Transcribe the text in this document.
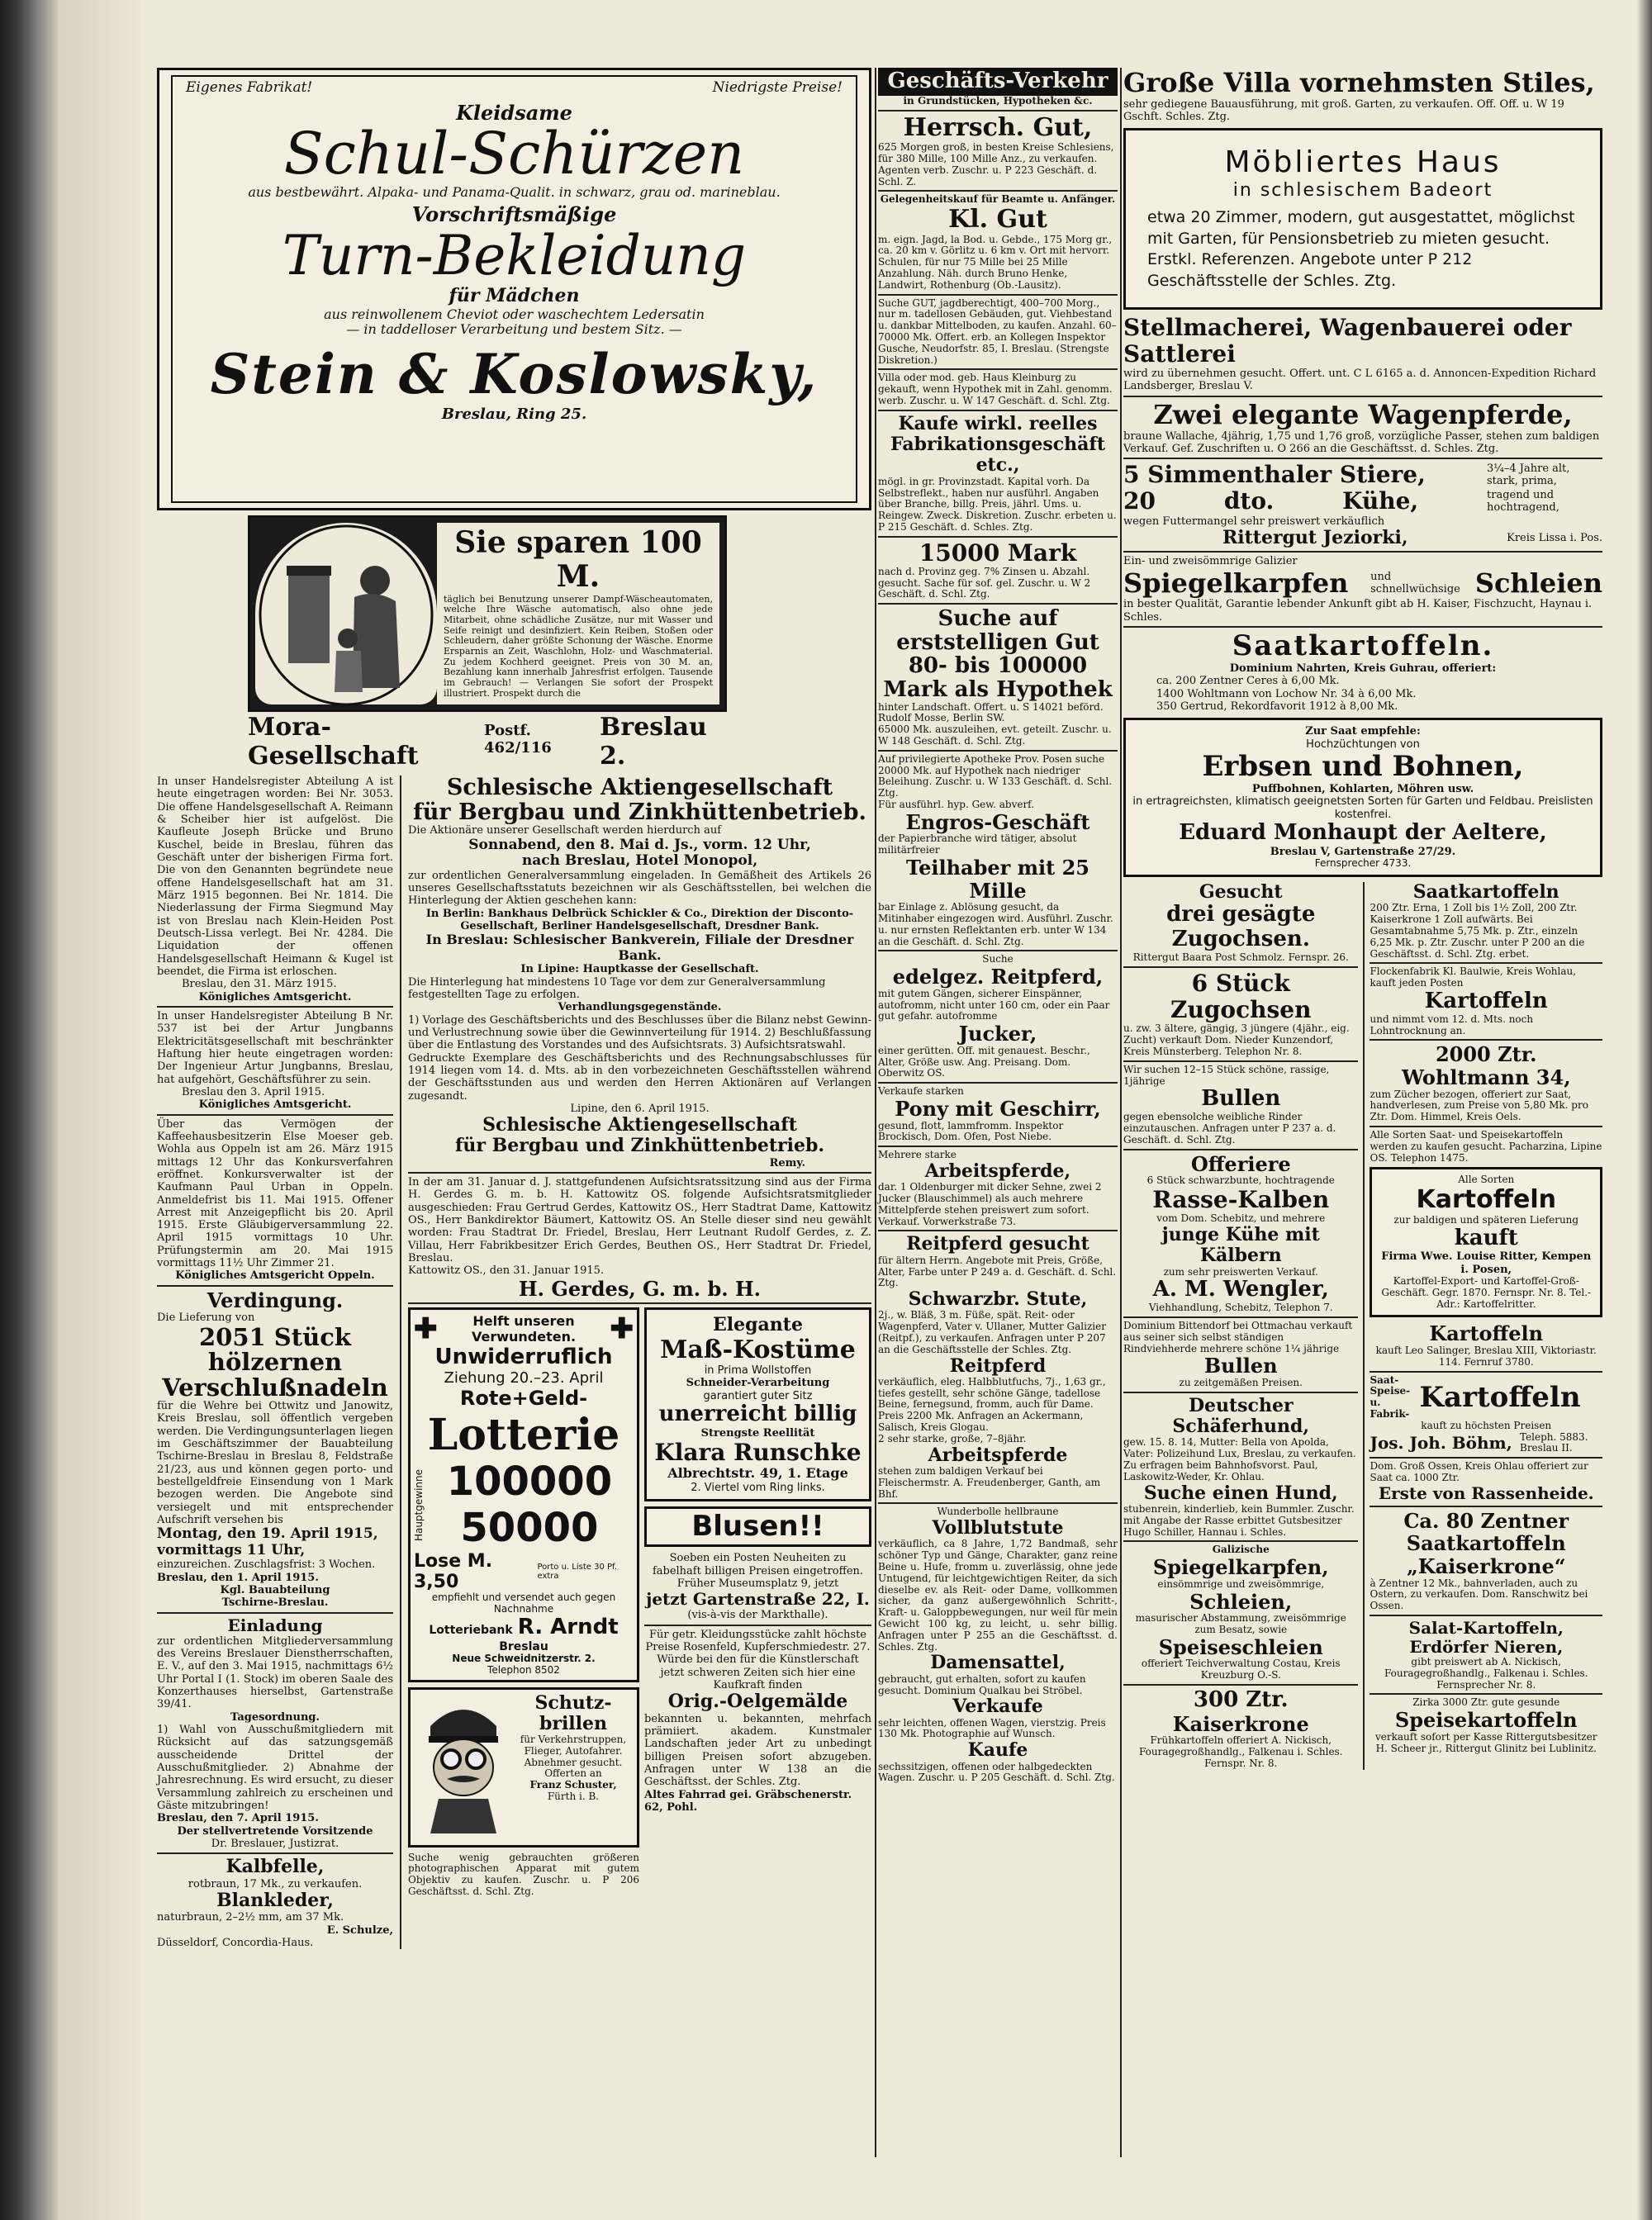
Eigenes Fabrikat!	Niedrigste Preise!
Kleidsame
Schul-Schürzen
aus bestbewährt. Alpaka- und Panama-Qualit. in schwarz, grau od. marineblau.
Vorschriftsmäßige
Turn-Bekleidung
für Mädchen
aus reinwollenem Cheviot oder waschechtem Ledersatin
— in taddelloser Verarbeitung und bestem Sitz. —
Stein & Koslowsky,
Breslau, Ring 25.
Sie sparen 100 M.
täglich bei Benutzung unserer Dampf-Wäscheautomaten, welche Ihre Wäsche automatisch, also ohne jede Mitarbeit, ohne schädliche Zusätze, nur mit Wasser und Seife reinigt und desinfiziert. Kein Reiben, Stoßen oder Schleudern, daher größte Schonung der Wäsche. Enorme Ersparnis an Zeit, Waschlohn, Holz- und Waschmaterial. Zu jedem Kochherd geeignet. Preis von 30 M. an, Bezahlung kann innerhalb Jahresfrist erfolgen. Tausende im Gebrauch! — Verlangen Sie sofort der Prospekt illustriert. Prospekt durch die
Mora-Gesellschaft
Postf. 462/116
Breslau 2.
In unser Handelsregister Abteilung A ist heute eingetragen worden: Bei Nr. 3053. Die offene Handelsgesellschaft A. Reimann & Scheiber hier ist aufgelöst. Die Kaufleute Joseph Brücke und Bruno Kuschel, beide in Breslau, führen das Geschäft unter der bisherigen Firma fort. Die von den Genannten begründete neue offene Handelsgesellschaft hat am 31. März 1915 begonnen. Bei Nr. 1814. Die Niederlassung der Firma Siegmund May ist von Breslau nach Klein-Heiden Post Deutsch-Lissa verlegt. Bei Nr. 4284. Die Liquidation der offenen Handelsgesellschaft Heimann & Kugel ist beendet, die Firma ist erloschen.
Breslau, den 31. März 1915.
Königliches Amtsgericht.
In unser Handelsregister Abteilung B Nr. 537 ist bei der Artur Jungbanns Elektricitätsgesellschaft mit beschränkter Haftung hier heute eingetragen worden: Der Ingenieur Artur Jungbanns, Breslau, hat aufgehört, Geschäftsführer zu sein.
Breslau den 3. April 1915.
Königliches Amtsgericht.
Über das Vermögen der Kaffeehausbesitzerin Else Moeser geb. Wohla aus Oppeln ist am 26. März 1915 mittags 12 Uhr das Konkursverfahren eröffnet. Konkursverwalter ist der Kaufmann Paul Urban in Oppeln. Anmeldefrist bis 11. Mai 1915. Offener Arrest mit Anzeigepflicht bis 20. April 1915. Erste Gläubigerversammlung 22. April 1915 vormittags 10 Uhr. Prüfungstermin am 20. Mai 1915 vormittags 11½ Uhr Zimmer 21.
Königliches Amtsgericht Oppeln.
Verdingung.
Die Lieferung von
2051 Stück hölzernen Verschlußnadeln
für die Wehre bei Ottwitz und Janowitz, Kreis Breslau, soll öffentlich vergeben werden. Die Verdingungsunterlagen liegen im Geschäftszimmer der Bauabteilung Tschirne-Breslau in Breslau 8, Feldstraße 21/23, aus und können gegen porto- und bestellgeldfreie Einsendung von 1 Mark bezogen werden. Die Angebote sind versiegelt und mit entsprechender Aufschrift versehen bis
Montag, den 19. April 1915, vormittags 11 Uhr,
einzureichen. Zuschlagsfrist: 3 Wochen.
Breslau, den 1. April 1915.
Kgl. Bauabteilung
Tschirne-Breslau.
Einladung
zur ordentlichen Mitgliederversammlung des Vereins Breslauer Dienstherrschaften, E. V., auf den 3. Mai 1915, nachmittags 6½ Uhr Portal I (1. Stock) im oberen Saale des Konzerthauses hierselbst, Gartenstraße 39/41.
Tagesordnung.
1) Wahl von Ausschußmitgliedern mit Rücksicht auf das satzungsgemäß ausscheidende Drittel der Ausschußmitglieder. 2) Abnahme der Jahresrechnung. Es wird ersucht, zu dieser Versammlung zahlreich zu erscheinen und Gäste mitzubringen!
Breslau, den 7. April 1915.
Der stellvertretende Vorsitzende
Dr. Breslauer, Justizrat.
Kalbfelle,
rotbraun, 17 Mk., zu verkaufen.
Blankleder,
naturbraun, 2–2½ mm, am 37 Mk.
E. Schulze,
Düsseldorf, Concordia-Haus.
Schlesische Aktiengesellschaft
für Bergbau und Zinkhüttenbetrieb.
Die Aktionäre unserer Gesellschaft werden hierdurch auf
Sonnabend, den 8. Mai d. Js., vorm. 12 Uhr,
nach Breslau, Hotel Monopol,
zur ordentlichen Generalversammlung eingeladen. In Gemäßheit des Artikels 26 unseres Gesellschaftsstatuts bezeichnen wir als Geschäftsstellen, bei welchen die Hinterlegung der Aktien geschehen kann:
In Berlin: Bankhaus Delbrück Schickler & Co., Direktion der Disconto-Gesellschaft, Berliner Handelsgesellschaft, Dresdner Bank.
In Breslau: Schlesischer Bankverein, Filiale der Dresdner Bank.
In Lipine: Hauptkasse der Gesellschaft.
Die Hinterlegung hat mindestens 10 Tage vor dem zur Generalversammlung festgestellten Tage zu erfolgen.
Verhandlungsgegenstände.
1) Vorlage des Geschäftsberichts und des Beschlusses über die Bilanz nebst Gewinn- und Verlustrechnung sowie über die Gewinnverteilung für 1914. 2) Beschlußfassung über die Entlastung des Vorstandes und des Aufsichtsrats. 3) Aufsichtsratswahl.
Gedruckte Exemplare des Geschäftsberichts und des Rechnungsabschlusses für 1914 liegen vom 14. d. Mts. ab in den vorbezeichneten Geschäftsstellen während der Geschäftsstunden aus und werden den Herren Aktionären auf Verlangen zugesandt.
Lipine, den 6. April 1915.
Schlesische Aktiengesellschaft
für Bergbau und Zinkhüttenbetrieb.
Remy.
In der am 31. Januar d. J. stattgefundenen Aufsichtsratssitzung sind aus der Firma H. Gerdes G. m. b. H. Kattowitz OS. folgende Aufsichtsratsmitglieder ausgeschieden: Frau Gertrud Gerdes, Kattowitz OS., Herr Stadtrat Dame, Kattowitz OS., Herr Bankdirektor Bäumert, Kattowitz OS. An Stelle dieser sind neu gewählt worden: Frau Stadtrat Dr. Friedel, Breslau, Herr Leutnant Rudolf Gerdes, z. Z. Villau, Herr Fabrikbesitzer Erich Gerdes, Beuthen OS., Herr Stadtrat Dr. Friedel, Breslau.
Kattowitz OS., den 31. Januar 1915.
H. Gerdes, G. m. b. H.
✚	Helft unseren
Verwundeten. ✚
Unwiderruflich
Ziehung 20.–23. April
Rote+Geld-
Lotterie
Hauptgewinne 100000
50000
Lose M. 3,50
Porto u. Liste 30 Pf. extra
empfiehlt und versendet auch gegen Nachnahme
Lotteriebank R. Arndt
Breslau
Neue Schweidnitzerstr. 2.
Telephon 8502
Schutz-brillen
für Verkehrstruppen, Flieger, Autofahrer. Abnehmer gesucht. Offerten an
Franz Schuster,
Fürth i. B.
Suche wenig gebrauchten größeren photographischen Apparat mit gutem Objektiv zu kaufen. Zuschr. u. P 206 Geschäftsst. d. Schl. Ztg.
Elegante
Maß-Kostüme
in Prima Wollstoffen
Schneider-Verarbeitung
garantiert guter Sitz
unerreicht billig
Strengste Reellität
Klara Runschke
Albrechtstr. 49, 1. Etage
2. Viertel vom Ring links.
Blusen!!
Soeben ein Posten Neuheiten zu fabelhaft billigen Preisen eingetroffen. Früher Museumsplatz 9, jetzt
jetzt Gartenstraße 22, I.
(vis-à-vis der Markthalle).
Für getr. Kleidungsstücke zahlt höchste Preise Rosenfeld, Kupferschmiedestr. 27. Würde bei den für die Künstlerschaft jetzt schweren Zeiten sich hier eine Kaufkraft finden
Orig.-Oelgemälde
bekannten u. bekannten, mehrfach prämiiert. akadem. Kunstmaler Landschaften jeder Art zu unbedingt billigen Preisen sofort abzugeben. Anfragen unter W 138 an die Geschäftsst. der Schles. Ztg.
Altes Fahrrad gei. Gräbschenerstr. 62, Pohl.
Geschäfts-Verkehr
in Grundstücken, Hypotheken &c.
Herrsch. Gut,
625 Morgen groß, in besten Kreise Schlesiens, für 380 Mille, 100 Mille Anz., zu verkaufen. Agenten verb. Zuschr. u. P 223 Geschäft. d. Schl. Z.
Gelegenheitskauf für Beamte u. Anfänger.
Kl. Gut
m. eign. Jagd, la Bod. u. Gebde., 175 Morg gr., ca. 20 km v. Görlitz u. 6 km v. Ort mit hervorr. Schulen, für nur 75 Mille bei 25 Mille Anzahlung. Näh. durch Bruno Henke, Landwirt, Rothenburg (Ob.-Lausitz).
Suche GUT, jagdberechtigt, 400–700 Morg., nur m. tadellosen Gebäuden, gut. Viehbestand u. dankbar Mittelboden, zu kaufen. Anzahl. 60–70000 Mk. Offert. erb. an Kollegen Inspektor Gusche, Neudorfstr. 85, I. Breslau. (Strengste Diskretion.)
Villa oder mod. geb. Haus Kleinburg zu gekauft, wenn Hypothek mit in Zahl. genomm. werb. Zuschr. u. W 147 Geschäft. d. Schl. Ztg.
Kaufe wirkl. reelles Fabrikationsgeschäft etc.,
mögl. in gr. Provinzstadt. Kapital vorh. Da Selbstreflekt., haben nur ausführl. Angaben über Branche, billg. Preis, jährl. Ums. u. Reingew. Zweck. Diskretion. Zuschr. erbeten u. P 215 Geschäft. d. Schles. Ztg.
15000 Mark
nach d. Provinz geg. 7% Zinsen u. Abzahl. gesucht. Sache für sof. gel. Zuschr. u. W 2 Geschäft. d. Schl. Ztg.
Suche auf erststelligen Gut 80- bis 100000 Mark als Hypothek
hinter Landschaft. Offert. u. S 14021 beförd. Rudolf Mosse, Berlin SW.
65000 Mk. auszuleihen, evt. geteilt. Zuschr. u. W 148 Geschäft. d. Schl. Ztg.
Auf privilegierte Apotheke Prov. Posen suche 20000 Mk. auf Hypothek nach niedriger Beleihung. Zuschr. u. W 133 Geschäft. d. Schl. Ztg.
Für ausführl. hyp. Gew. abverf.
Engros-Geschäft
der Papierbranche wird tätiger, absolut militärfreier
Teilhaber mit 25 Mille
bar Einlage z. Ablösung gesucht, da Mitinhaber eingezogen wird. Ausführl. Zuschr. u. nur ernsten Reflektanten erb. unter W 134 an die Geschäft. d. Schl. Ztg.
Suche
edelgez. Reitpferd,
mit gutem Gängen, sicherer Einspänner, autofromm, nicht unter 160 cm, oder ein Paar gut gefahr. autofromme
Jucker,
einer gerütten. Off. mit genauest. Beschr., Alter, Größe usw. Ang. Preisang. Dom. Oberwitz OS.
Verkaufe starken
Pony mit Geschirr,
gesund, flott, lammfromm. Inspektor Brockisch, Dom. Ofen, Post Niebe.
Mehrere starke
Arbeitspferde,
dar. 1 Oldenburger mit dicker Sehne, zwei 2 Jucker (Blauschimmel) als auch mehrere Mittelpferde stehen preiswert zum sofort. Verkauf. Vorwerkstraße 73.
Reitpferd gesucht
für ältern Herrn. Angebote mit Preis, Größe, Alter, Farbe unter P 249 a. d. Geschäft. d. Schl. Ztg.
Schwarzbr. Stute,
2j., w. Bläß, 3 m. Füße, spät. Reit- oder Wagenpferd, Vater v. Ullaner, Mutter Galizier (Reitpf.), zu verkaufen. Anfragen unter P 207 an die Geschäftsstelle der Schles. Ztg.
Reitpferd
verkäuflich, eleg. Halbblutfuchs, 7j., 1,63 gr., tiefes gestellt, sehr schöne Gänge, tadellose Beine, fernegsund, fromm, auch für Dame. Preis 2200 Mk. Anfragen an Ackermann, Salisch, Kreis Glogau.
2 sehr starke, große, 7–8jähr.
Arbeitspferde
stehen zum baldigen Verkauf bei Fleischermstr. A. Freudenberger, Ganth, am Bhf.
Wunderbolle hellbraune
Vollblutstute
verkäuflich, ca 8 Jahre, 1,72 Bandmaß, sehr schöner Typ und Gänge, Charakter, ganz reine Beine u. Hufe, fromm u. zuverlässig, ohne jede Untugend, für leichtgewichtigen Reiter, da sich dieselbe ev. als Reit- oder Dame, vollkommen sicher, da ganz außergewöhnlich Schritt-, Kraft- u. Galoppbewegungen, nur weil für mein Gewicht 100 kg, zu leicht, u. sehr billig. Anfragen unter P 255 an die Geschäftsst. d. Schles. Ztg.
Damensattel,
gebraucht, gut erhalten, sofort zu kaufen gesucht. Dominium Qualkau bei Ströbel.
Verkaufe
sehr leichten, offenen Wagen, vierstzig. Preis 130 Mk. Photographie auf Wunsch.
Kaufe
sechssitzigen, offenen oder halbgedeckten Wagen. Zuschr. u. P 205 Geschäft. d. Schl. Ztg.
Große Villa vornehmsten Stiles,
sehr gediegene Bauausführung, mit groß. Garten, zu verkaufen. Off. Off. u. W 19 Gschft. Schles. Ztg.
Möbliertes Haus
in schlesischem Badeort
etwa 20 Zimmer, modern, gut ausgestattet, möglichst mit Garten, für Pensionsbetrieb zu mieten gesucht. Erstkl. Referenzen. Angebote unter P 212 Geschäftsstelle der Schles. Ztg.
Stellmacherei, Wagenbauerei oder Sattlerei
wird zu übernehmen gesucht. Offert. unt. C L 6165 a. d. Annoncen-Expedition Richard Landsberger, Breslau V.
Zwei elegante Wagenpferde,
braune Wallache, 4jährig, 1,75 und 1,76 groß, vorzügliche Passer, stehen zum baldigen Verkauf. Gef. Zuschriften u. O 266 an die Geschäftsst. d. Schles. Ztg.
5 Simmenthaler Stiere,	3¼–4 Jahre alt, stark, prima,
20	dto.	Kühe,	tragend und hochtragend,
wegen Futtermangel sehr preiswert verkäuflich
Rittergut Jeziorki,	Kreis Lissa i. Pos.
Ein- und zweisömmrige Galizier
Spiegelkarpfen und schnellwüchsige Schleien
in bester Qualität, Garantie lebender Ankunft gibt ab H. Kaiser, Fischzucht, Haynau i. Schles.
Saatkartoffeln.
Dominium Nahrten, Kreis Guhrau, offeriert:
ca. 200 Zentner Ceres à 6,00 Mk.
1400 Wohltmann von Lochow Nr. 34 à 6,00 Mk.
350 Gertrud, Rekordfavorit 1912 à 8,00 Mk.
Zur Saat empfehle:
Hochzüchtungen von
Erbsen und Bohnen,
Puffbohnen, Kohlarten, Möhren usw.
in ertragreichsten, klimatisch geeignetsten Sorten für Garten und Feldbau. Preislisten kostenfrei.
Eduard Monhaupt der Aeltere,
Breslau V, Gartenstraße 27/29.
Fernsprecher 4733.
Gesucht
drei gesägte Zugochsen.
Rittergut Baara Post Schmolz. Fernspr. 26.
6 Stück Zugochsen
u. zw. 3 ältere, gängig, 3 jüngere (4jähr., eig. Zucht) verkauft Dom. Nieder Kunzendorf, Kreis Münsterberg. Telephon Nr. 8.
Wir suchen 12–15 Stück schöne, rassige, 1jährige
Bullen
gegen ebensolche weibliche Rinder einzutauschen. Anfragen unter P 237 a. d. Geschäft. d. Schl. Ztg.
Offeriere
6 Stück schwarzbunte, hochtragende
Rasse-Kalben
vom Dom. Schebitz, und mehrere
junge Kühe mit Kälbern
zum sehr preiswerten Verkauf.
A. M. Wengler,
Viehhandlung, Schebitz, Telephon 7.
Dominium Bittendorf bei Ottmachau verkauft aus seiner sich selbst ständigen Rindviehherde mehrere schöne 1¼ jährige
Bullen
zu zeitgemäßen Preisen.
Deutscher Schäferhund,
gew. 15. 8. 14, Mutter: Bella von Apolda, Vater: Polizeihund Lux, Breslau, zu verkaufen. Zu erfragen beim Bahnhofsvorst. Paul, Laskowitz-Weder, Kr. Ohlau.
Suche einen Hund,
stubenrein, kinderlieb, kein Bummler. Zuschr. mit Angabe der Rasse erbittet Gutsbesitzer Hugo Schiller, Hannau i. Schles.
Galizische
Spiegelkarpfen,
einsömmrige und zweisömmrige,
Schleien,
masurischer Abstammung, zweisömmrige zum Besatz, sowie
Speiseschleien
offeriert Teichverwaltung Costau, Kreis Kreuzburg O.-S.
300 Ztr.
Kaiserkrone
Frühkartoffeln offeriert A. Nickisch, Fouragegroßhandlg., Falkenau i. Schles. Fernspr. Nr. 8.
Saatkartoffeln
200 Ztr. Erna, 1 Zoll bis 1½ Zoll, 200 Ztr. Kaiserkrone 1 Zoll aufwärts. Bei Gesamtabnahme 5,75 Mk. p. Ztr., einzeln 6,25 Mk. p. Ztr. Zuschr. unter P 200 an die Geschäftsst. d. Schl. Ztg. erbet.
Flockenfabrik Kl. Baulwie, Kreis Wohlau, kauft jeden Posten
Kartoffeln
und nimmt vom 12. d. Mts. noch Lohntrocknung an.
2000 Ztr. Wohltmann 34,
zum Zücher bezogen, offeriert zur Saat, handverlesen, zum Preise von 5,80 Mk. pro Ztr. Dom. Himmel, Kreis Oels.
Alle Sorten Saat- und Speisekartoffeln werden zu kaufen gesucht. Pacharzina, Lipine OS. Telephon 1475.
Alle Sorten
Kartoffeln
zur baldigen und späteren Lieferung
kauft
Firma Wwe. Louise Ritter, Kempen i. Posen,
Kartoffel-Export- und Kartoffel-Groß-Geschäft. Gegr. 1870. Fernspr. Nr. 8. Tel.-Adr.: Kartoffelritter.
Kartoffeln
kauft Leo Salinger, Breslau XIII, Viktoriastr. 114. Fernruf 3780.
Saat- Speise- u. Fabrik-
Kartoffeln
kauft zu höchsten Preisen
Jos. Joh. Böhm, Teleph. 5883. Breslau II.
Dom. Groß Ossen, Kreis Ohlau offeriert zur Saat ca. 1000 Ztr.
Erste von Rassenheide.
Ca. 80 Zentner
Saatkartoffeln
„Kaiserkrone“
à Zentner 12 Mk., bahnverladen, auch zu Ostern, zu verkaufen. Dom. Ranschwitz bei Ossen.
Salat-Kartoffeln,
Erdörfer Nieren,
gibt preiswert ab A. Nickisch, Fouragegroßhandlg., Falkenau i. Schles. Fernsprecher Nr. 8.
Zirka 3000 Ztr. gute gesunde
Speisekartoffeln
verkauft sofort per Kasse Rittergutsbesitzer H. Scheer jr., Rittergut Glinitz bei Lublinitz.
